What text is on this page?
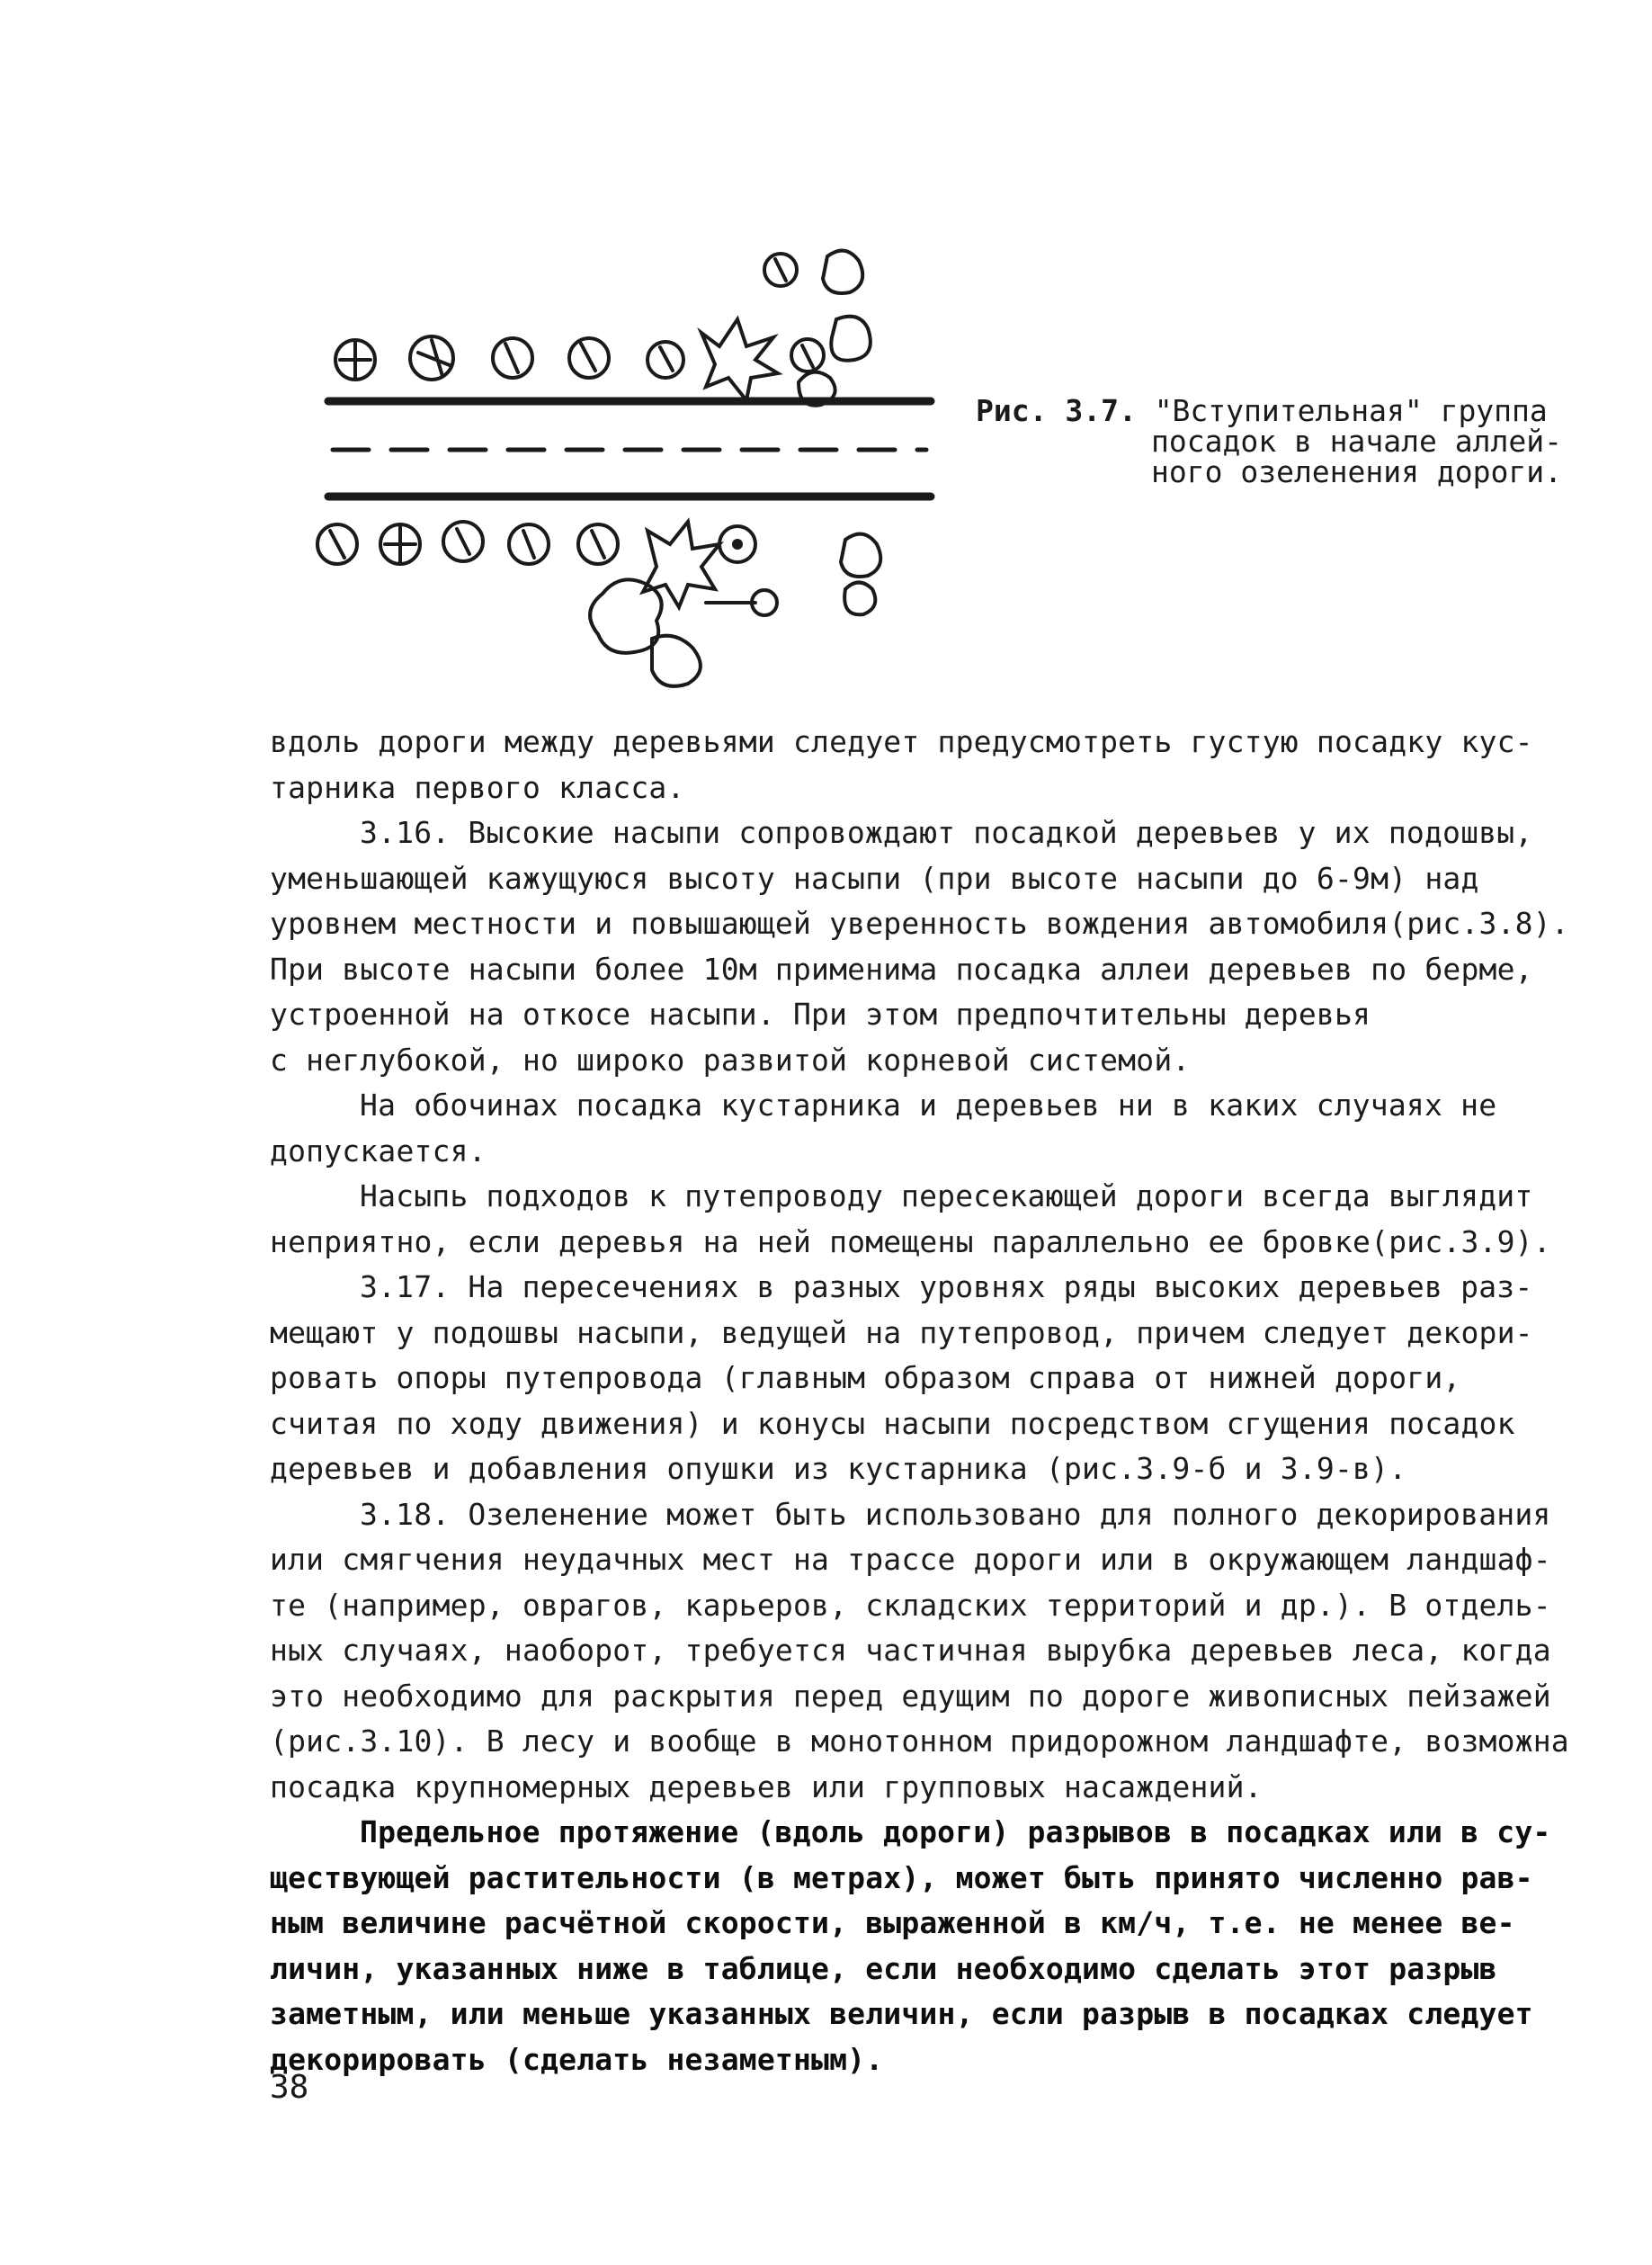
Рис. 3.7. "Вступительная" группа
посадок в начале аллей-
ного озеленения дороги.
вдоль дороги между деревьями следует предусмотреть густую посадку кус-
тарника первого класса.
3.16. Высокие насыпи сопровождают посадкой деревьев у их подошвы,
уменьшающей кажущуюся высоту насыпи (при высоте насыпи до 6-9м) над
уровнем местности и повышающей уверенность вождения автомобиля(рис.3.8).
При высоте насыпи более 10м применима посадка аллеи деревьев по берме,
устроенной на откосе насыпи. При этом предпочтительны деревья
с неглубокой, но широко развитой корневой системой.
На обочинах посадка кустарника и деревьев ни в каких случаях не
допускается.
Насыпь подходов к путепроводу пересекающей дороги всегда выглядит
неприятно, если деревья на ней помещены параллельно ее бровке(рис.3.9).
3.17. На пересечениях в разных уровнях ряды высоких деревьев раз-
мещают у подошвы насыпи, ведущей на путепровод, причем следует декори-
ровать опоры путепровода (главным образом справа от нижней дороги,
считая по ходу движения) и конусы насыпи посредством сгущения посадок
деревьев и добавления опушки из кустарника (рис.3.9-б и 3.9-в).
3.18. Озеленение может быть использовано для полного декорирования
или смягчения неудачных мест на трассе дороги или в окружающем ландшаф-
те (например, оврагов, карьеров, складских территорий и др.). В отдель-
ных случаях, наоборот, требуется частичная вырубка деревьев леса, когда
это необходимо для раскрытия перед едущим по дороге живописных пейзажей
(рис.3.10). В лесу и вообще в монотонном придорожном ландшафте, возможна
посадка крупномерных деревьев или групповых насаждений.
Предельное протяжение (вдоль дороги) разрывов в посадках или в су-
ществующей растительности (в метрах), может быть принято численно рав-
ным величине расчётной скорости, выраженной в км/ч, т.е. не менее ве-
личин, указанных ниже в таблице, если необходимо сделать этот разрыв
заметным, или меньше указанных величин, если разрыв в посадках следует
декорировать (сделать незаметным).
38
